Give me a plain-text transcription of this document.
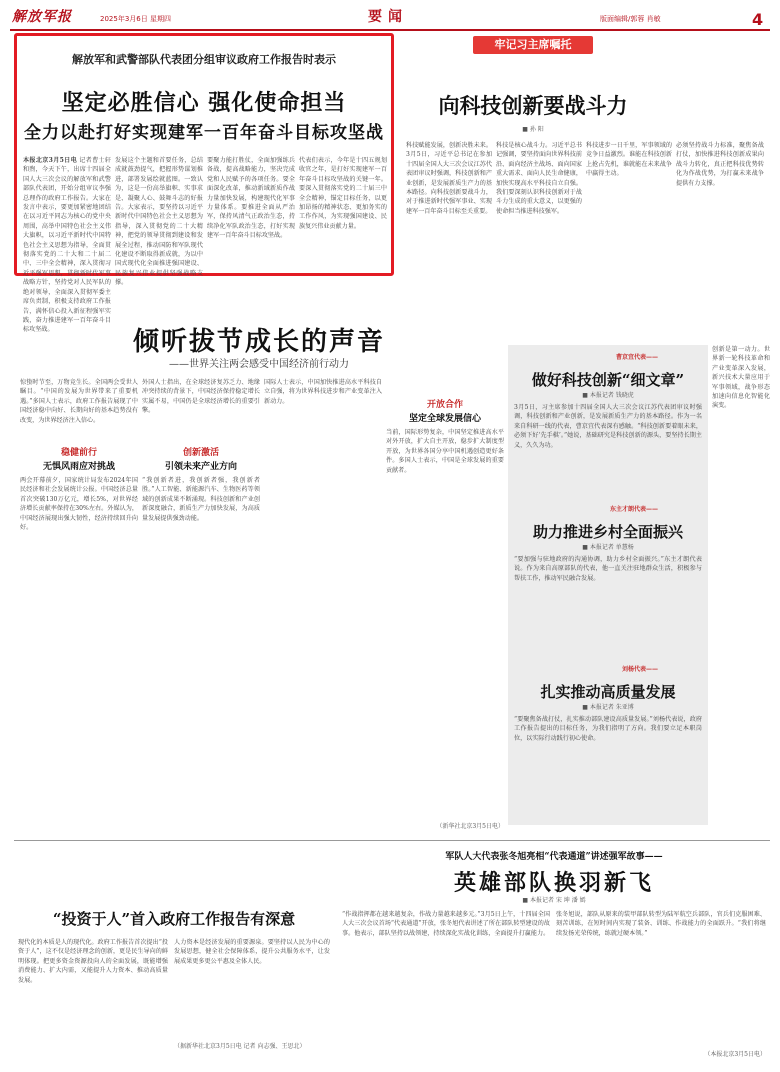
解放军报	2025年3月6日 星期四	要闻	版面编辑/郭蓉 肖敏	4
解放军和武警部队代表团分组审议政府工作报告时表示
坚定必胜信心 强化使命担当
全力以赴打好实现建军一百年奋斗目标攻坚战
本报北京3月5日电 记者曹士轩 和煦，今天下午，出席十四届全国人大三次会议的解放军和武警部队代表团，开始分组审议李强总理作的政府工作报告。大家在发言中表示，要更加紧密地团结在以习近平同志为核心的党中央周围，高举中国特色社会主义伟大旗帜，以习近平新时代中国特色社会主义思想为指导，全面贯彻落实党的二十大和二十届二中、三中全会精神，深入贯彻习近平强军思想，贯彻新时代军事战略方针，坚持党对人民军队的绝对领导，全面深入贯彻军委主席负责制，积极支持政府工作报告，满怀信心投入新征程强军实践，奋力推进建军一百年奋斗目标攻坚战。
发展这个主题和首要任务，总结成就鼓劲提气，把握形势谋划推进，部署发展绘就蓝图。一致认为，这是一份高举旗帜、实事求是、凝聚人心、鼓舞斗志的好报告。大家表示，要坚持以习近平新时代中国特色社会主义思想为指导，深入贯彻党的二十大精神，把党的领导贯彻到建设和发展全过程，推动国防和军队现代化建设不断取得新成就，为以中国式现代化全面推进强国建设、民族复兴伟业提供坚强战略支撑。
要聚力能打胜仗，全面加强练兵备战，提高战略能力，坚决完成党和人民赋予的各项任务。要全面深化改革，推动新域新质作战力量加快发展，构建现代化军事力量体系。要推进全面从严治军，保持风清气正政治生态，持续净化军队政治生态，打好实现建军一百年奋斗目标攻坚战。
代表们表示，今年是十四五规划收官之年，是打好实现建军一百年奋斗目标攻坚战的关键一年。要深入贯彻落实党的二十届三中全会精神，锚定目标任务，以更加昂扬的精神状态、更加务实的工作作风，为实现强国建设、民族复兴伟业贡献力量。
牢记习主席嘱托
向科技创新要战斗力
■ 孙 阳
科技赋能发展，创新决胜未来。3月5日，习近平总书记在参加十四届全国人大三次会议江苏代表团审议时强调，科技创新和产业创新，是发展新质生产力的基本路径。向科技创新要战斗力，对于推进新时代强军事业、实现建军一百年奋斗目标至关重要。
科技是核心战斗力。习近平总书记强调，要坚持面向世界科技前沿、面向经济主战场、面向国家重大需求、面向人民生命健康，加快实现高水平科技自立自强。我们要深刻认识科技创新对于战斗力生成的重大意义，以更强的使命担当推进科技强军。
科技进步一日千里，军事领域的竞争日益激烈。谁能在科技创新上抢占先机，谁就能在未来战争中赢得主动。
必须坚持战斗力标准，聚焦备战打仗，加快推进科技创新成果向战斗力转化，真正把科技优势转化为作战优势，为打赢未来战争提供有力支撑。
曹京宜代表——
做好科技创新“细文章”
■ 本报记者 钱晓虎
3月5日，习主席参加十四届全国人大三次会议江苏代表团审议时强调，科技创新和产业创新，是发展新质生产力的基本路径。作为一名来自科研一线的代表，曹京宜代表深有感触。“科技创新要着眼未来，必须下好‘先手棋’。”她说，基础研究是科技创新的源头，要坚持长期主义，久久为功。
东主才朗代表——
助力推进乡村全面振兴
■ 本报记者 单慧杨
“要加强与驻地政府的沟通协调，助力乡村全面振兴。”东主才朗代表说。作为来自高原部队的代表，他一直关注驻地群众生活，积极参与帮扶工作，推动军民融合发展。
刘杨代表——
扎实推动高质量发展
■ 本报记者 朱亚博
“要聚焦备战打仗，扎实推动部队建设高质量发展。”刘杨代表说，政府工作报告提出的目标任务，为我们指明了方向。我们要立足本职岗位，以实际行动践行初心使命。
创新是第一动力。世界新一轮科技革命和产业变革深入发展，新兴技术大量应用于军事领域，战争形态加速向信息化智能化演变。
倾听拔节成长的声音
——世界关注两会感受中国经济前行动力
惊蛰时节至，万物竞生长。全国两会受世人瞩目。“中国的发展为世界带来了重要机遇。”多国人士表示，政府工作报告展现了中国经济稳中向好、长期向好的基本趋势没有改变，为世界经济注入信心。
稳健前行
无惧风雨应对挑战
两会开幕前夕，国家统计局发布2024年国民经济和社会发展统计公报。中国经济总量首次突破130万亿元，增长5%，对世界经济增长贡献率保持在30%左右。外媒认为，中国经济展现出强大韧性，经济持续回升向好。
外国人士指出，在全球经济复苏乏力、地缘冲突持续的背景下，中国经济保持稳定增长实属不易，中国仍是全球经济增长的重要引擎。
创新激活
引领未来产业方向
“我创新者进，我创新者强，我创新者胜。”人工智能、新能源汽车、生物医药等领域的创新成果不断涌现。科技创新和产业创新深度融合，新质生产力加快发展，为高质量发展提供强劲动能。
国际人士表示，中国加快推进高水平科技自立自强，将为世界科技进步和产业变革注入新动力。	开放合作
坚定全球发展信心
当前，国际形势复杂，中国坚定推进高水平对外开放，扩大自主开放，稳步扩大制度型开放，为世界各国分享中国机遇创造更好条件。多国人士表示，中国是全球发展的重要贡献者。
（新华社北京3月5日电）
“投资于人”首入政府工作报告有深意
现代化的本质是人的现代化。政府工作报告首次提出“投资于人”，这不仅是经济理念的创新，更是民生导向的鲜明体现。把更多资金资源投向人的全面发展，既能增强消费能力、扩大内需，又能提升人力资本、推动高质量发展。
人力资本是经济发展的重要源泉。要坚持以人民为中心的发展思想，健全社会保障体系，提升公共服务水平，让发展成果更多更公平惠及全体人民。
（据新华社北京3月5日电 记者 向志强、王思北）
军队人大代表张冬旭亮相“代表通道”讲述强军故事——
英雄部队换羽新飞
■ 本报记者 宋 坤 潘 嫣
“作战指挥都在越来越复杂，作战力量越来越多元。”3月5日上午，十四届全国人大三次会议首场“代表通道”开放，张冬旭代表讲述了所在部队转型建设的故事。他表示，部队坚持以战领建，持续深化实战化训练，全面提升打赢能力。
张冬旭说，部队从原来的装甲部队转型为陆军航空兵部队，官兵们克服困难、刻苦训练，在短时间内实现了装备、训练、作战能力的全面跃升。“我们将继续发扬光荣传统，练就过硬本领。”
（本报北京3月5日电）
